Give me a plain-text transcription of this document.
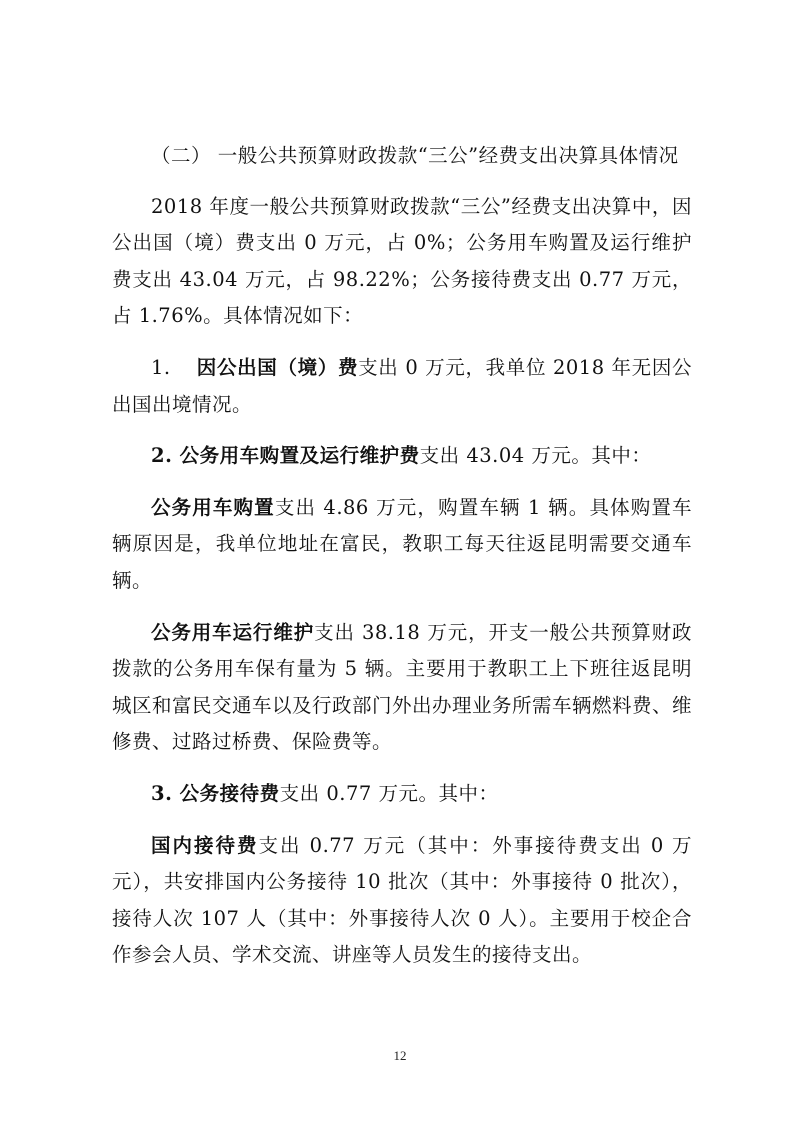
（二） 一般公共预算财政拨款“三公”经费支出决算具体情况

2018 年度一般公共预算财政拨款“三公”经费支出决算中，因公出国（境）费支出 0 万元，占 0%；公务用车购置及运行维护费支出 43.04 万元，占 98.22%；公务接待费支出 0.77 万元，占 1.76%。具体情况如下：

1. 因公出国（境）费支出 0 万元，我单位 2018 年无因公出国出境情况。

2. 公务用车购置及运行维护费支出 43.04 万元。其中：

公务用车购置支出 4.86 万元，购置车辆 1 辆。具体购置车辆原因是，我单位地址在富民，教职工每天往返昆明需要交通车辆。

公务用车运行维护支出 38.18 万元，开支一般公共预算财政拨款的公务用车保有量为 5 辆。主要用于教职工上下班往返昆明城区和富民交通车以及行政部门外出办理业务所需车辆燃料费、维修费、过路过桥费、保险费等。

3. 公务接待费支出 0.77 万元。其中：

国内接待费支出 0.77 万元（其中：外事接待费支出 0 万元），共安排国内公务接待 10 批次（其中：外事接待 0 批次），接待人次 107 人（其中：外事接待人次 0 人）。主要用于校企合作参会人员、学术交流、讲座等人员发生的接待支出。

12
